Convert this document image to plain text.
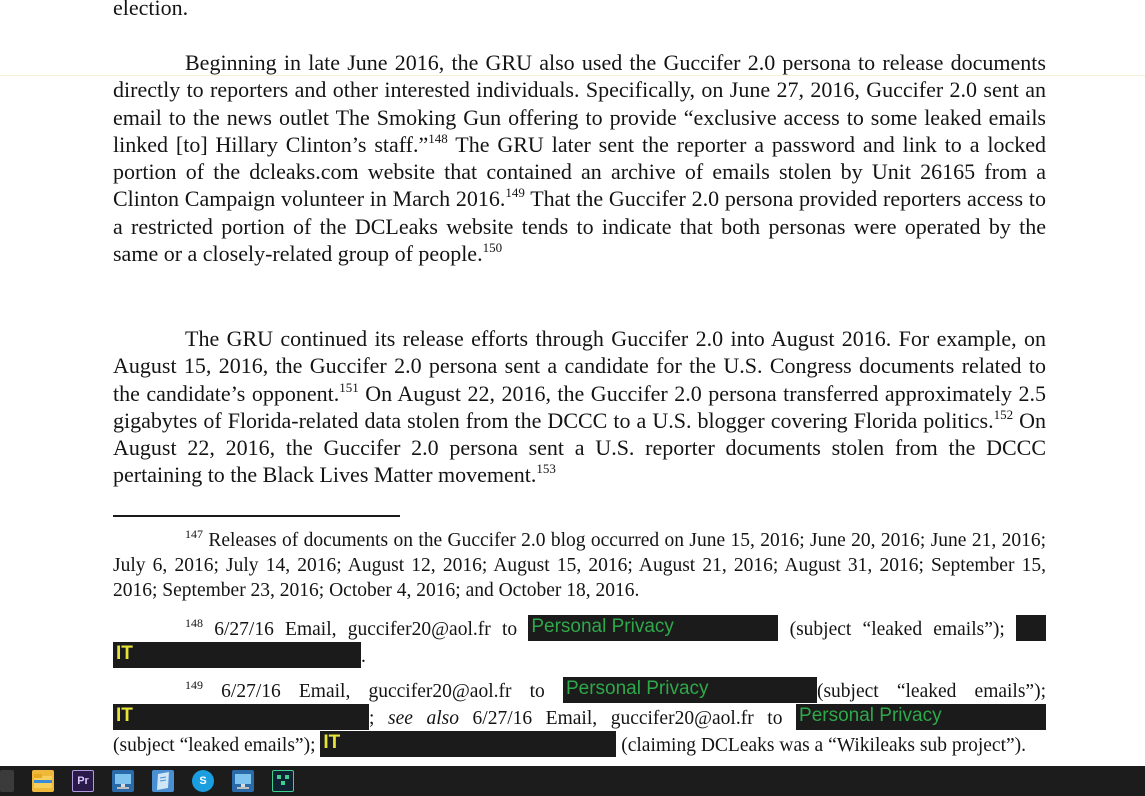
election.

Beginning in late June 2016, the GRU also used the Guccifer 2.0 persona to release documents directly to reporters and other interested individuals. Specifically, on June 27, 2016, Guccifer 2.0 sent an email to the news outlet The Smoking Gun offering to provide “exclusive access to some leaked emails linked [to] Hillary Clinton’s staff.”$^{148}$ The GRU later sent the reporter a password and link to a locked portion of the dcleaks.com website that contained an archive of emails stolen by Unit 26165 from a Clinton Campaign volunteer in March 2016.$^{149}$ That the Guccifer 2.0 persona provided reporters access to a restricted portion of the DCLeaks website tends to indicate that both personas were operated by the same or a closely-related group of people.$^{150}$

The GRU continued its release efforts through Guccifer 2.0 into August 2016. For example, on August 15, 2016, the Guccifer 2.0 persona sent a candidate for the U.S. Congress documents related to the candidate’s opponent.$^{151}$ On August 22, 2016, the Guccifer 2.0 persona transferred approximately 2.5 gigabytes of Florida-related data stolen from the DCCC to a U.S. blogger covering Florida politics.$^{152}$ On August 22, 2016, the Guccifer 2.0 persona sent a U.S. reporter documents stolen from the DCCC pertaining to the Black Lives Matter movement.$^{153}$

$^{147}$ Releases of documents on the Guccifer 2.0 blog occurred on June 15, 2016; June 20, 2016; June 21, 2016; July 6, 2016; July 14, 2016; August 12, 2016; August 15, 2016; August 21, 2016; August 31, 2016; September 15, 2016; September 23, 2016; October 4, 2016; and October 18, 2016.

$^{148}$ 6/27/16 Email, guccifer20@aol.fr to Personal Privacy	(subject “leaked emails”);  IT	.

$^{149}$ 6/27/16 Email, guccifer20@aol.fr to Personal Privacy	(subject “leaked emails”); IT	; see also 6/27/16 Email, guccifer20@aol.fr to Personal Privacy (subject “leaked emails”); IT	(claiming DCLeaks was a “Wikileaks sub project”).

Pr	S
